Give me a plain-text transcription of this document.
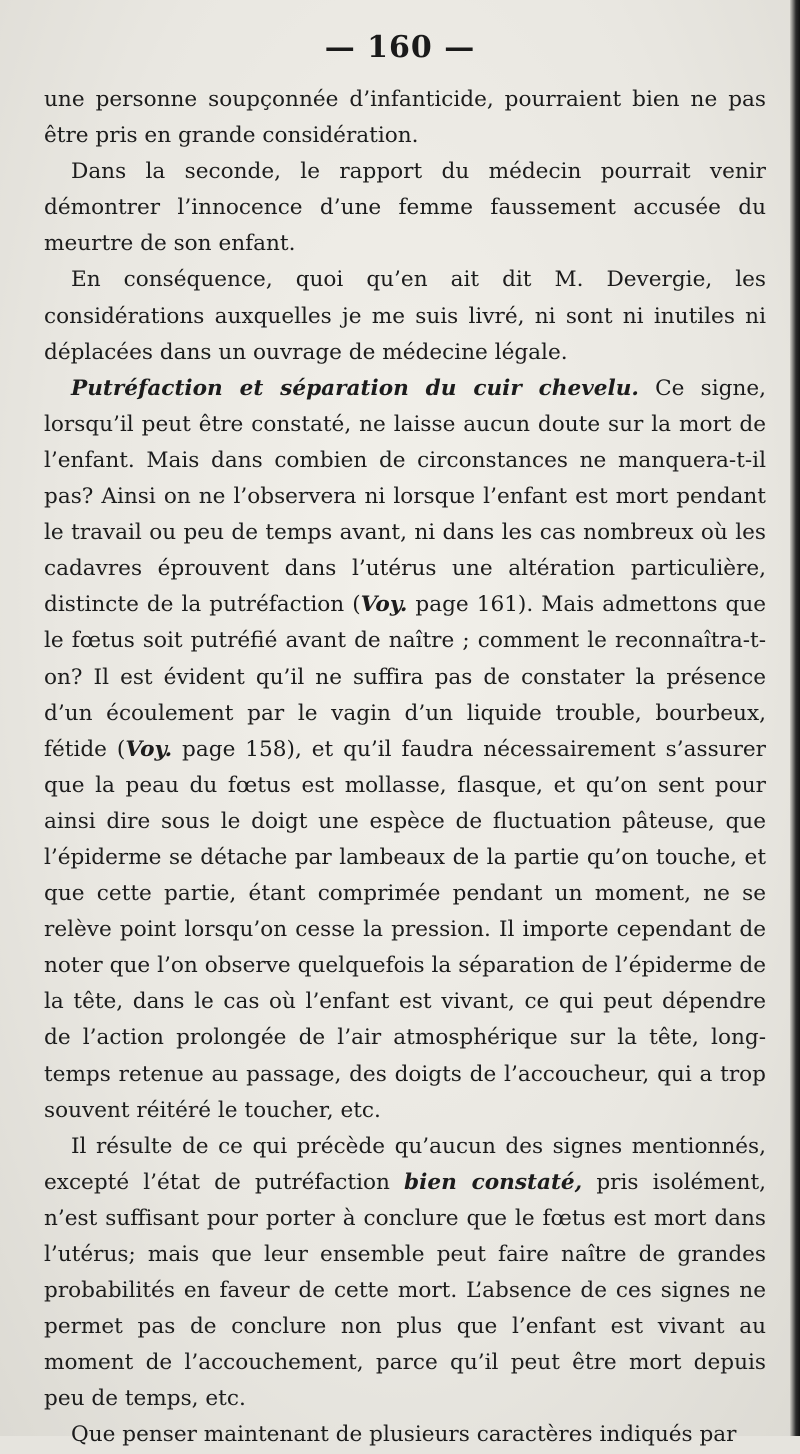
— 160 —

une personne soupçonnée d’infanticide, pourraient bien ne pas être pris en grande considération.

Dans la seconde, le rapport du médecin pourrait venir démontrer l’innocence d’une femme faussement accusée du meurtre de son enfant.

En conséquence, quoi qu’en ait dit M. Devergie, les considérations auxquelles je me suis livré, ni sont ni inutiles ni déplacées dans un ouvrage de médecine légale.

Putréfaction et séparation du cuir chevelu. Ce signe, lorsqu’il peut être constaté, ne laisse aucun doute sur la mort de l’enfant. Mais dans combien de circonstances ne manquera-t-il pas? Ainsi on ne l’observera ni lorsque l’enfant est mort pendant le travail ou peu de temps avant, ni dans les cas nombreux où les cadavres éprouvent dans l’utérus une altération particulière, distincte de la putréfaction (Voy. page 161). Mais admettons que le fœtus soit putréfié avant de naître ; comment le reconnaîtra-t-on? Il est évident qu’il ne suffira pas de constater la présence d’un écoulement par le vagin d’un liquide trouble, bourbeux, fétide (Voy. page 158), et qu’il faudra nécessairement s’assurer que la peau du fœtus est mollasse, flasque, et qu’on sent pour ainsi dire sous le doigt une espèce de fluctuation pâteuse, que l’épiderme se détache par lambeaux de la partie qu’on touche, et que cette partie, étant comprimée pendant un moment, ne se relève point lorsqu’on cesse la pression. Il importe cependant de noter que l’on observe quelquefois la séparation de l’épiderme de la tête, dans le cas où l’enfant est vivant, ce qui peut dépendre de l’action prolongée de l’air atmosphérique sur la tête, long-temps retenue au passage, des doigts de l’accoucheur, qui a trop souvent réitéré le toucher, etc.

Il résulte de ce qui précède qu’aucun des signes mentionnés, excepté l’état de putréfaction bien constaté, pris isolément, n’est suffisant pour porter à conclure que le fœtus est mort dans l’utérus; mais que leur ensemble peut faire naître de grandes probabilités en faveur de cette mort. L’absence de ces signes ne permet pas de conclure non plus que l’enfant est vivant au moment de l’accouchement, parce qu’il peut être mort depuis peu de temps, etc.

Que penser maintenant de plusieurs caractères indiqués par
